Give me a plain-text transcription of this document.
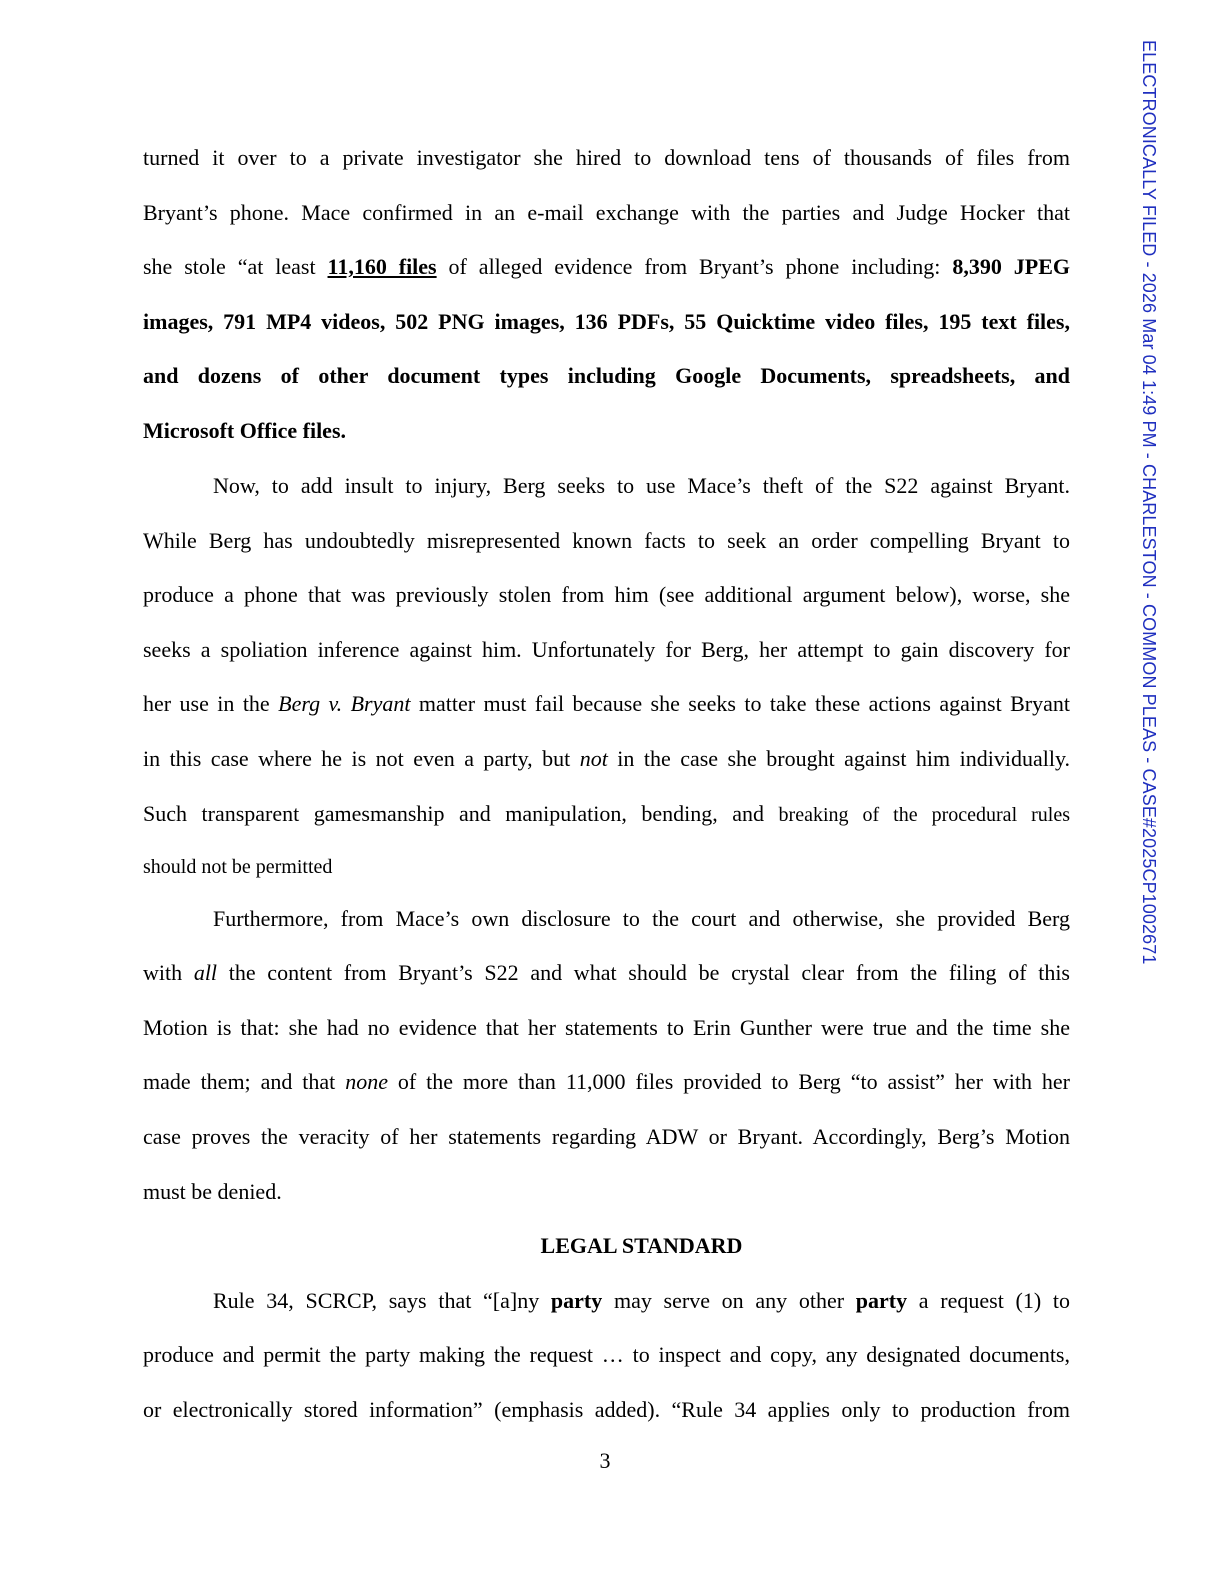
ELECTRONICALLY FILED - 2026 Mar 04 1:49 PM - CHARLESTON - COMMON PLEAS - CASE#2025CP1002671
turned it over to a private investigator she hired to download tens of thousands of files from
Bryant’s phone. Mace confirmed in an e-mail exchange with the parties and Judge Hocker that
she stole “at least 11,160 files of alleged evidence from Bryant’s phone including: 8,390 JPEG
images, 791 MP4 videos, 502 PNG images, 136 PDFs, 55 Quicktime video files, 195 text files,
and dozens of other document types including Google Documents, spreadsheets, and
Microsoft Office files.
Now, to add insult to injury, Berg seeks to use Mace’s theft of the S22 against Bryant.
While Berg has undoubtedly misrepresented known facts to seek an order compelling Bryant to
produce a phone that was previously stolen from him (see additional argument below), worse, she
seeks a spoliation inference against him. Unfortunately for Berg, her attempt to gain discovery for
her use in the Berg v. Bryant matter must fail because she seeks to take these actions against Bryant
in this case where he is not even a party, but not in the case she brought against him individually.
Such transparent gamesmanship and manipulation, bending, and breaking of the procedural rules
should not be permitted
Furthermore, from Mace’s own disclosure to the court and otherwise, she provided Berg
with all the content from Bryant’s S22 and what should be crystal clear from the filing of this
Motion is that: she had no evidence that her statements to Erin Gunther were true and the time she
made them; and that none of the more than 11,000 files provided to Berg “to assist” her with her
case proves the veracity of her statements regarding ADW or Bryant. Accordingly, Berg’s Motion
must be denied.
LEGAL STANDARD
Rule 34, SCRCP, says that “[a]ny party may serve on any other party a request (1) to
produce and permit the party making the request … to inspect and copy, any designated documents,
or electronically stored information” (emphasis added). “Rule 34 applies only to production from
3
